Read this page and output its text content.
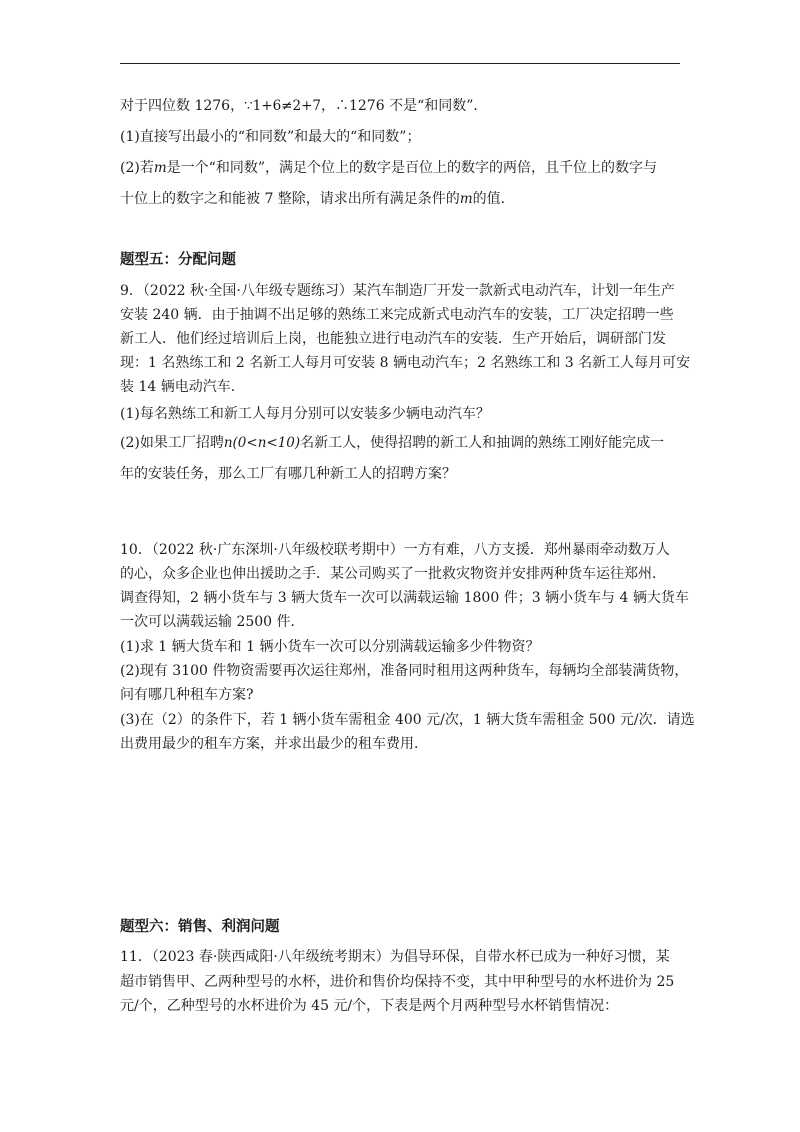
对于四位数 1276，∵1+6≠2+7，∴1276 不是“和同数”．
(1)直接写出最小的“和同数”和最大的“和同数”；
(2)若m是一个“和同数”，满足个位上的数字是百位上的数字的两倍，且千位上的数字与
十位上的数字之和能被 7 整除，请求出所有满足条件的m的值．
题型五：分配问题
9．（2022 秋·全国·八年级专题练习）某汽车制造厂开发一款新式电动汽车，计划一年生产
安装 240 辆．由于抽调不出足够的熟练工来完成新式电动汽车的安装，工厂决定招聘一些
新工人．他们经过培训后上岗，也能独立进行电动汽车的安装．生产开始后，调研部门发
现：1 名熟练工和 2 名新工人每月可安装 8 辆电动汽车；2 名熟练工和 3 名新工人每月可安
装 14 辆电动汽车．
(1)每名熟练工和新工人每月分别可以安装多少辆电动汽车？
(2)如果工厂招聘n(0<n<10)名新工人，使得招聘的新工人和抽调的熟练工刚好能完成一
年的安装任务，那么工厂有哪几种新工人的招聘方案？
10．（2022 秋·广东深圳·八年级校联考期中）一方有难，八方支援．郑州暴雨牵动数万人
的心，众多企业也伸出援助之手．某公司购买了一批救灾物资并安排两种货车运往郑州．
调查得知，2 辆小货车与 3 辆大货车一次可以满载运输 1800 件；3 辆小货车与 4 辆大货车
一次可以满载运输 2500 件．
(1)求 1 辆大货车和 1 辆小货车一次可以分别满载运输多少件物资？
(2)现有 3100 件物资需要再次运往郑州，准备同时租用这两种货车，每辆均全部装满货物，
问有哪几种租车方案?
(3)在（2）的条件下，若 1 辆小货车需租金 400 元/次，1 辆大货车需租金 500 元/次．请选
出费用最少的租车方案，并求出最少的租车费用．
题型六：销售、利润问题
11．（2023 春·陕西咸阳·八年级统考期末）为倡导环保，自带水杯已成为一种好习惯，某
超市销售甲、乙两种型号的水杯，进价和售价均保持不变，其中甲种型号的水杯进价为 25
元/个，乙种型号的水杯进价为 45 元/个，下表是两个月两种型号水杯销售情况：
